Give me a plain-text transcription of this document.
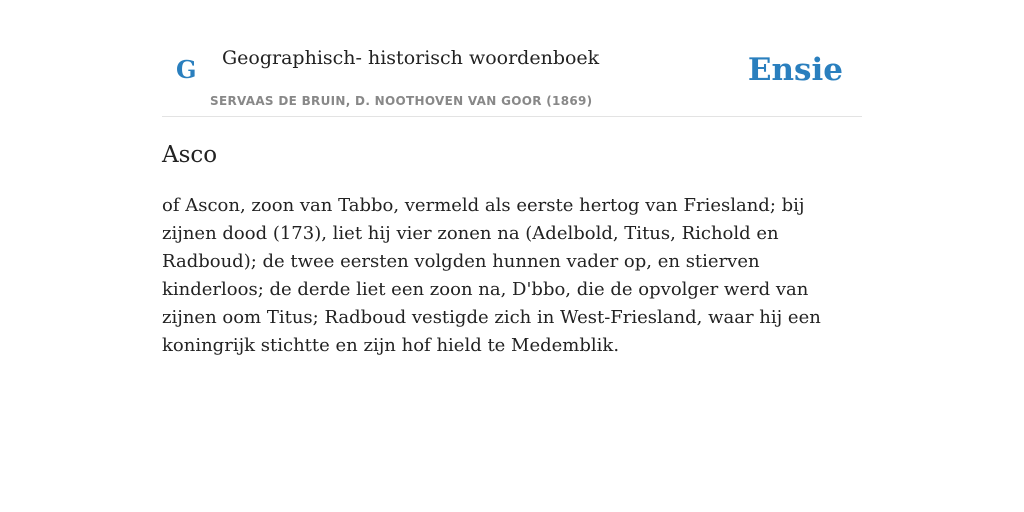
G Geographisch- historisch woordenboek
SERVAAS DE BRUIN, D. NOOTHOVEN VAN GOOR (1869)
Ensie
Asco

of Ascon, zoon van Tabbo, vermeld als eerste hertog van Friesland; bij zijnen dood (173), liet hij vier zonen na (Adelbold, Titus, Richold en Radboud); de twee eersten volgden hunnen vader op, en stierven kinderloos; de derde liet een zoon na, D'bbo, die de opvolger werd van zijnen oom Titus; Radboud vestigde zich in West-Friesland, waar hij een koningrijk stichtte en zijn hof hield te Medemblik.
